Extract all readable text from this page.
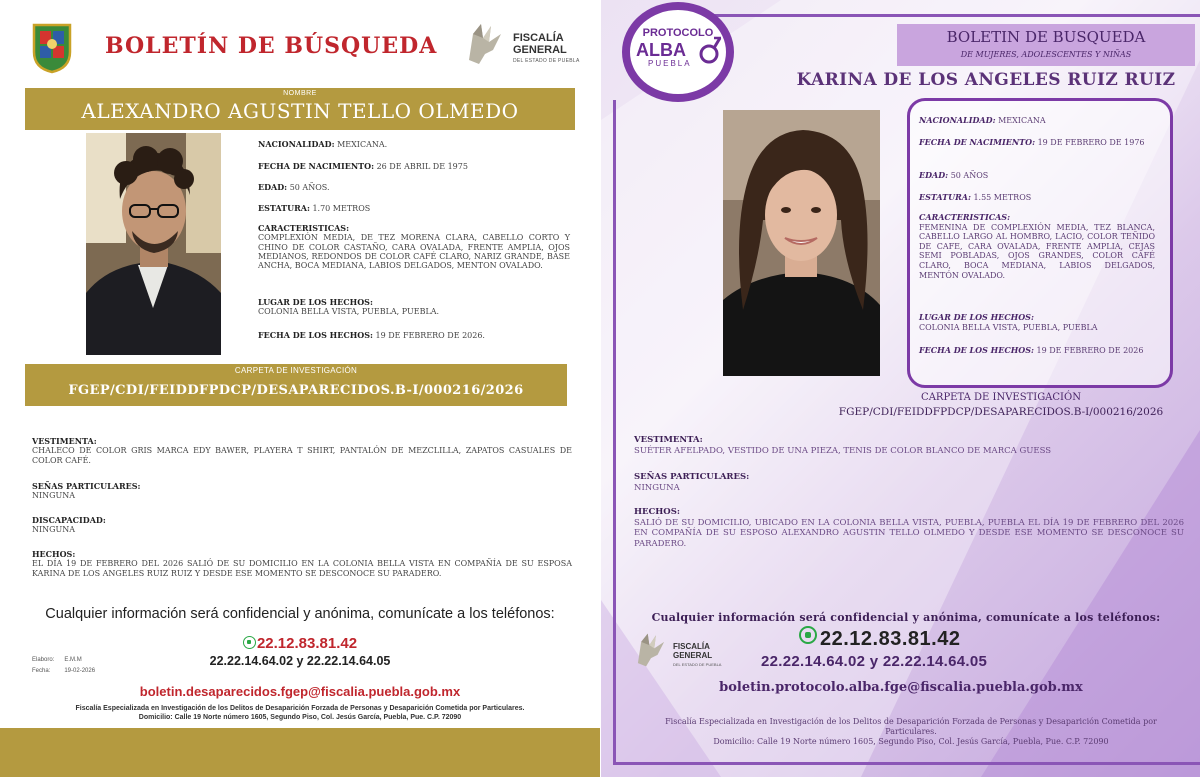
BOLETÍN DE BÚSQUEDA	FISCALÍA
GENERAL
DEL ESTADO DE PUEBLA
NOMBRE
ALEXANDRO AGUSTIN TELLO OLMEDO
NACIONALIDAD: MEXICANA.
FECHA DE NACIMIENTO: 26 DE ABRIL DE 1975
EDAD: 50 AÑOS.
ESTATURA: 1.70 METROS
CARACTERISTICAS:
COMPLEXIÓN MEDIA, DE TEZ MORENA CLARA, CABELLO CORTO Y CHINO DE COLOR CASTAÑO, CARA OVALADA, FRENTE AMPLIA, OJOS MEDIANOS, REDONDOS DE COLOR CAFÉ CLARO, NARIZ GRANDE, BASE ANCHA, BOCA MEDIANA, LABIOS DELGADOS, MENTON OVALADO.
LUGAR DE LOS HECHOS:
COLONIA BELLA VISTA, PUEBLA, PUEBLA.
FECHA DE LOS HECHOS: 19 DE FEBRERO DE 2026.
CARPETA DE INVESTIGACIÓN
FGEP/CDI/FEIDDFPDCP/DESAPARECIDOS.B-I/000216/2026
VESTIMENTA:
CHALECO DE COLOR GRIS MARCA EDY BAWER, PLAYERA T SHIRT, PANTALÓN DE MEZCLILLA, ZAPATOS CASUALES DE COLOR CAFÉ.
SEÑAS PARTICULARES:
NINGUNA
DISCAPACIDAD:
NINGUNA
HECHOS:
EL DÍA 19 DE FEBRERO DEL 2026 SALIÓ DE SU DOMICILIO EN LA COLONIA BELLA VISTA EN COMPAÑÍA DE SU ESPOSA KARINA DE LOS ANGELES RUIZ RUIZ Y DESDE ESE MOMENTO SE DESCONOCE SU PARADERO.
Cualquier información será confidencial y anónima, comunícate a los teléfonos:
22.12.83.81.42
22.22.14.64.02 y 22.22.14.64.05
Elaboro: E.M.M
Fecha: 19-02-2026
boletin.desaparecidos.fgep@fiscalia.puebla.gob.mx
Fiscalía Especializada en Investigación de los Delitos de Desaparición Forzada de Personas y Desaparición Cometida por Particulares.
Domicilio: Calle 19 Norte número 1605, Segundo Piso, Col. Jesús García, Puebla, Pue. C.P. 72090
PROTOCOLO
ALBA
PUEBLA
BOLETIN DE BUSQUEDA
DE MUJERES, ADOLESCENTES Y NIÑAS
KARINA DE LOS ANGELES RUIZ RUIZ
NACIONALIDAD: MEXICANA
FECHA DE NACIMIENTO: 19 DE FEBRERO DE 1976
EDAD: 50 AÑOS
ESTATURA: 1.55 METROS
CARACTERISTICAS:
FEMENINA DE COMPLEXIÓN MEDIA, TEZ BLANCA, CABELLO LARGO AL HOMBRO, LACIO, COLOR TEÑIDO DE CAFE, CARA OVALADA, FRENTE AMPLIA, CEJAS SEMI POBLADAS, OJOS GRANDES, COLOR CAFÉ CLARO, BOCA MEDIANA, LABIOS DELGADOS, MENTÓN OVALADO.
LUGAR DE LOS HECHOS:
COLONIA BELLA VISTA, PUEBLA, PUEBLA
FECHA DE LOS HECHOS: 19 DE FEBRERO DE 2026
CARPETA DE INVESTIGACIÓN
FGEP/CDI/FEIDDFPDCP/DESAPARECIDOS.B-I/000216/2026
VESTIMENTA:
SUÉTER AFELPADO, VESTIDO DE UNA PIEZA, TENIS DE COLOR BLANCO DE MARCA GUESS
SEÑAS PARTICULARES:
NINGUNA
HECHOS:
SALIÓ DE SU DOMICILIO, UBICADO EN LA COLONIA BELLA VISTA, PUEBLA, PUEBLA EL DÍA 19 DE FEBRERO DEL 2026 EN COMPAÑÍA DE SU ESPOSO ALEXANDRO AGUSTIN TELLO OLMEDO Y DESDE ESE MOMENTO SE DESCONOCE SU PARADERO.
Cualquier información será confidencial y anónima, comunícate a los teléfonos:
FISCALÍA
GENERAL
DEL ESTADO DE PUEBLA
22.12.83.81.42
22.22.14.64.02 y 22.22.14.64.05
boletin.protocolo.alba.fge@fiscalia.puebla.gob.mx
Fiscalía Especializada en Investigación de los Delitos de Desaparición Forzada de Personas y Desaparición Cometida por Particulares.
Domicilio: Calle 19 Norte número 1605, Segundo Piso, Col. Jesús García, Puebla, Pue. C.P. 72090
